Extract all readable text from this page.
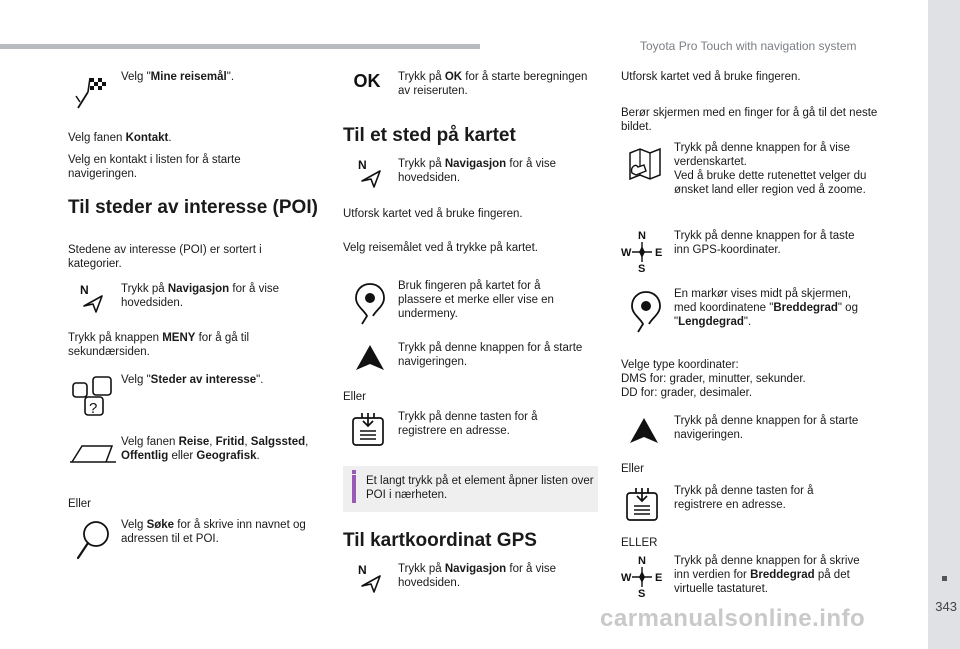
Toyota Pro Touch with navigation system
343
carmanualsonline.info
Velg "Mine reisemål".
Velg fanen Kontakt.
Velg en kontakt i listen for å starte navigeringen.
Til steder av interesse (POI)
Stedene av interesse (POI) er sortert i kategorier.
N	Trykk på Navigasjon for å vise hovedsiden.
Trykk på knappen MENY for å gå til sekundærsiden.
?
Velg "Steder av interesse".
Velg fanen Reise, Fritid, Salgssted, Offentlig eller Geografisk.
Eller
Velg Søke for å skrive inn navnet og adressen til et POI.
OK Trykk på OK for å starte beregningen av reiseruten.
Til et sted på kartet
N	Trykk på Navigasjon for å vise hovedsiden.
Utforsk kartet ved å bruke fingeren.
Velg reisemålet ved å trykke på kartet.
Bruk fingeren på kartet for å plassere et merke eller vise en undermeny.
Trykk på denne knappen for å starte navigeringen.
Eller
Trykk på denne tasten for å registrere en adresse.
Et langt trykk på et element åpner listen over POI i nærheten.
Til kartkoordinat GPS
N	Trykk på Navigasjon for å vise hovedsiden.
Utforsk kartet ved å bruke fingeren.
Berør skjermen med en finger for å gå til det neste bildet.
Trykk på denne knappen for å vise verdenskartet.
Ved å bruke dette rutenettet velger du ønsket land eller region ved å zoome.
N
W E
S
Trykk på denne knappen for å taste inn GPS-koordinater.
En markør vises midt på skjermen, med koordinatene "Breddegrad" og "Lengdegrad".
Velge type koordinater:
DMS for: grader, minutter, sekunder.
DD for: grader, desimaler.
Trykk på denne knappen for å starte navigeringen.
Eller
Trykk på denne tasten for å registrere en adresse.
ELLER
N
W E
S
Trykk på denne knappen for å skrive inn verdien for Breddegrad på det virtuelle tastaturet.
